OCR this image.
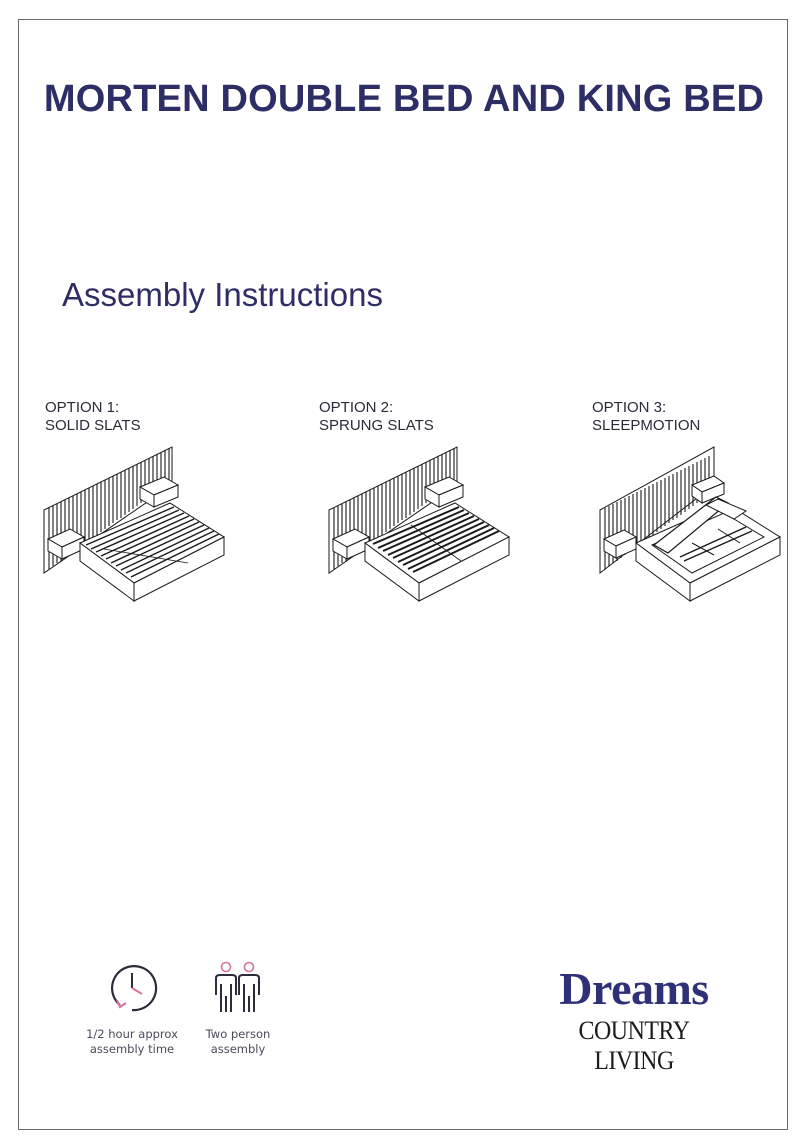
MORTEN DOUBLE BED AND KING BED
Assembly Instructions
OPTION 1:
SOLID SLATS
OPTION 2:
SPRUNG SLATS
OPTION 3:
SLEEPMOTION
1/2 hour approx
assembly time
Two person
assembly
Dreams
COUNTRY LIVING
